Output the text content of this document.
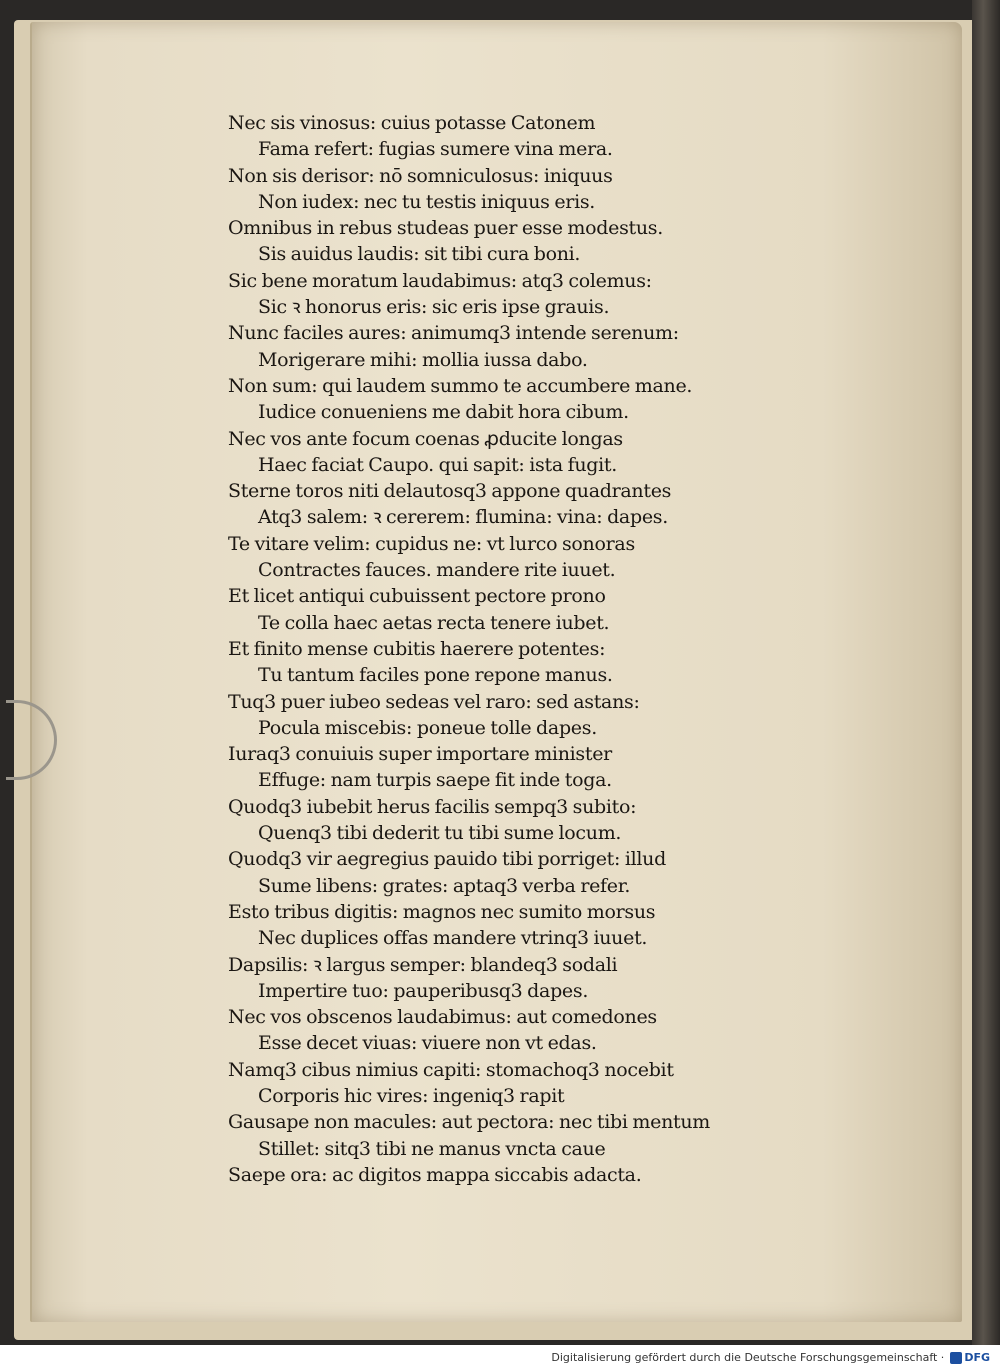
Nec sis vinosus: cuius potasse Catonem
Fama refert: fugias sumere vina mera.
Non sis derisor: nō somniculosus: iniquus
Non iudex: nec tu testis iniquus eris.
Omnibus in rebus studeas puer esse modestus.
Sis auidus laudis: sit tibi cura boni.
Sic bene moratum laudabimus: atq3 colemus:
Sic ꝛ honorus eris: sic eris ipse grauis.
Nunc faciles aures: animumq3 intende serenum:
Morigerare mihi: mollia iussa dabo.
Non sum: qui laudem summo te accumbere mane.
Iudice conueniens me dabit hora cibum.
Nec vos ante focum coenas ꝓducite longas
Haec faciat Caupo. qui sapit: ista fugit.
Sterne toros niti delautosq3 appone quadrantes
Atq3 salem: ꝛ cererem: flumina: vina: dapes.
Te vitare velim: cupidus ne: vt lurco sonoras
Contractes fauces. mandere rite iuuet.
Et licet antiqui cubuissent pectore prono
Te colla haec aetas recta tenere iubet.
Et finito mense cubitis haerere potentes:
Tu tantum faciles pone repone manus.
Tuq3 puer iubeo sedeas vel raro: sed astans:
Pocula miscebis: poneue tolle dapes.
Iuraq3 conuiuis super importare minister
Effuge: nam turpis saepe fit inde toga.
Quodq3 iubebit herus facilis sempq3 subito:
Quenq3 tibi dederit tu tibi sume locum.
Quodq3 vir aegregius pauido tibi porriget: illud
Sume libens: grates: aptaq3 verba refer.
Esto tribus digitis: magnos nec sumito morsus
Nec duplices offas mandere vtrinq3 iuuet.
Dapsilis: ꝛ largus semper: blandeq3 sodali
Impertire tuo: pauperibusq3 dapes.
Nec vos obscenos laudabimus: aut comedones
Esse decet viuas: viuere non vt edas.
Namq3 cibus nimius capiti: stomachoq3 nocebit
Corporis hic vires: ingeniq3 rapit
Gausape non macules: aut pectora: nec tibi mentum
Stillet: sitq3 tibi ne manus vncta caue
Saepe ora: ac digitos mappa siccabis adacta.
Digitalisierung gefördert durch die Deutsche Forschungsgemeinschaft · DFG
